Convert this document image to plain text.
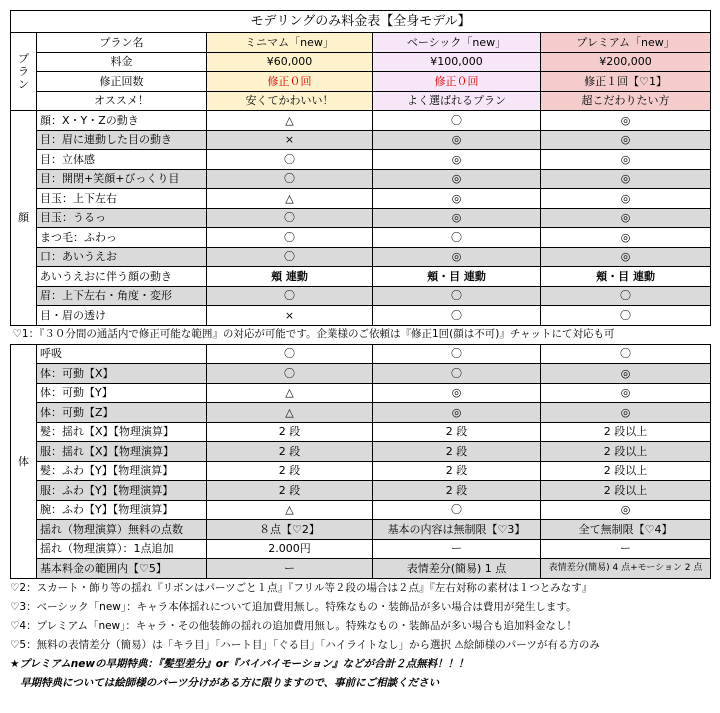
モデリングのみ料金表【全身モデル】				

プ
ラ
ン	プラン名	ミニマム「new」	ベーシック「new」	プレミアム「new」
	料金	¥60,000	¥100,000	¥200,000
	修正回数	修正０回	修正０回	修正１回【♡1】
	オススメ！	安くてかわいい！	よく選ばれるプラン	超こだわりたい方
顔	顔：X・Y・Zの動き	△	〇	◎
	目：眉に連動した目の動き	×	◎	◎
	目：立体感	〇	◎	◎
	目：開閉+笑顔+びっくり目	〇	◎	◎
	目玉：上下左右	△	◎	◎
	目玉：うるっ	〇	◎	◎
	まつ毛：ふわっ	〇	〇	◎
	口：あいうえお	〇	◎	◎
	あいうえおに伴う顔の動き	頬 連動	頬・目 連動	頬・目 連動
	眉：上下左右・角度・変形	〇	〇	〇
	目・眉の透け	×	〇	〇
♡1：『３０分間の通話内で修正可能な範囲』の対応が可能です。企業様のご依頼は『修正1回(顔は不可)』チャットにて対応も可				
体	呼吸	〇	〇	〇
	体：可動【X】	〇	〇	◎
	体：可動【Y】	△	◎	◎
	体：可動【Z】	△	◎	◎
	髪：揺れ【X】【物理演算】	2 段	2 段	2 段以上
	服：揺れ【X】【物理演算】	2 段	2 段	2 段以上
	髪：ふわ【Y】【物理演算】	2 段	2 段	2 段以上
	服：ふわ【Y】【物理演算】	2 段	2 段	2 段以上
	腕：ふわ【Y】【物理演算】	△	〇	◎
	揺れ（物理演算）無料の点数	８点【♡2】	基本の内容は無制限【♡3】	全て無制限【♡4】
	揺れ（物理演算）：1点追加	2.000円	ー	ー
	基本料金の範囲内【♡5】	ー	表情差分(簡易) 1 点	表情差分(簡易) 4 点+モーション 2 点
♡2：スカート・飾り等の揺れ『リボンはパーツごと１点』『フリル等２段の場合は２点』『左右対称の素材は１つとみなす』
♡3：ベーシック「new」：キャラ本体揺れについて追加費用無し。特殊なもの・装飾品が多い場合は費用が発生します。
♡4：プレミアム「new」：キャラ・その他装飾の揺れの追加費用無し。特殊なもの・装飾品が多い場合も追加料金なし！
♡5：無料の表情差分（簡易）は「キラ目」「ハート目」「ぐる目」「ハイライトなし」から選択 ⚠絵師様のパーツが有る方のみ
★プレミアムnewの早期特典：『髪型差分』or『バイバイモーション』などが合計２点無料！！！
早期特典については絵師様のパーツ分けがある方に限りますので、事前にご相談ください
